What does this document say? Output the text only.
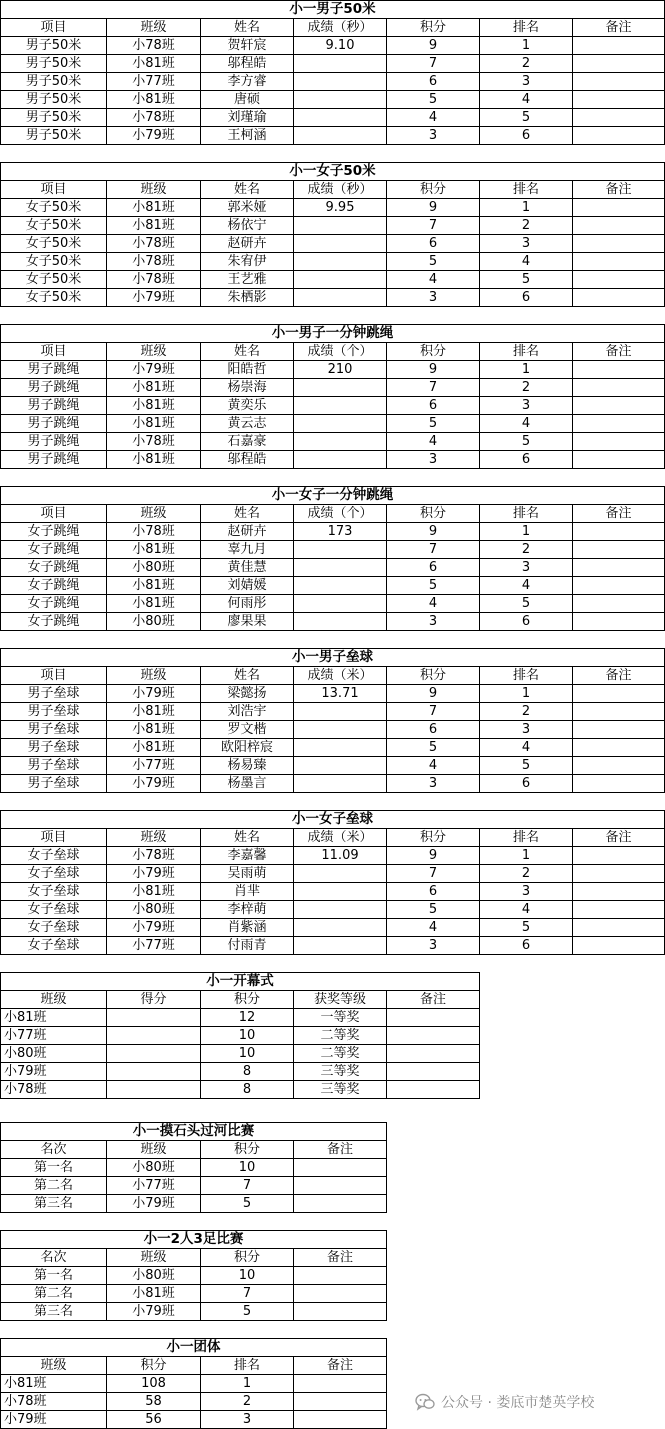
小一男子50米						
项目	班级	姓名	成绩（秒）	积分	排名	备注
男子50米	小78班	贺轩宸	9.10	9	1	
男子50米	小81班	邬程皓		7	2	
男子50米	小77班	李方睿		6	3	
男子50米	小81班	唐硕		5	4	
男子50米	小78班	刘瑾瑜		4	5	
男子50米	小79班	王柯涵		3	6	
小一女子50米						
项目	班级	姓名	成绩（秒）	积分	排名	备注
女子50米	小81班	郭米娅	9.95	9	1	
女子50米	小81班	杨依宁		7	2	
女子50米	小78班	赵研卉		6	3	
女子50米	小78班	朱宥伊		5	4	
女子50米	小78班	王艺雅		4	5	
女子50米	小79班	朱栖影		3	6	
小一男子一分钟跳绳						
项目	班级	姓名	成绩（个）	积分	排名	备注
男子跳绳	小79班	阳皓哲	210	9	1	
男子跳绳	小81班	杨崇海		7	2	
男子跳绳	小81班	黄奕乐		6	3	
男子跳绳	小81班	黄云志		5	4	
男子跳绳	小78班	石嘉豪		4	5	
男子跳绳	小81班	邬程皓		3	6	
小一女子一分钟跳绳						
项目	班级	姓名	成绩（个）	积分	排名	备注
女子跳绳	小78班	赵研卉	173	9	1	
女子跳绳	小81班	辜九月		7	2	
女子跳绳	小80班	黄佳慧		6	3	
女子跳绳	小81班	刘婧媛		5	4	
女子跳绳	小81班	何雨彤		4	5	
女子跳绳	小80班	廖果果		3	6	
小一男子垒球						
项目	班级	姓名	成绩（米）	积分	排名	备注
男子垒球	小79班	梁懿扬	13.71	9	1	
男子垒球	小81班	刘浩宇		7	2	
男子垒球	小81班	罗文楷		6	3	
男子垒球	小81班	欧阳梓宸		5	4	
男子垒球	小77班	杨易臻		4	5	
男子垒球	小79班	杨墨言		3	6	
小一女子垒球						
项目	班级	姓名	成绩（米）	积分	排名	备注
女子垒球	小78班	李嘉馨	11.09	9	1	
女子垒球	小79班	吴雨萌		7	2	
女子垒球	小81班	肖芈		6	3	
女子垒球	小80班	李梓萌		5	4	
女子垒球	小79班	肖紫涵		4	5	
女子垒球	小77班	付雨青		3	6	
小一开幕式				
班级	得分	积分	获奖等级	备注
小81班		12	一等奖	
小77班		10	二等奖	
小80班		10	二等奖	
小79班		8	三等奖	
小78班		8	三等奖	
小一摸石头过河比赛			
名次	班级	积分	备注
第一名	小80班	10	
第二名	小77班	7	
第三名	小79班	5	
小一2人3足比赛			
名次	班级	积分	备注
第一名	小80班	10	
第二名	小81班	7	
第三名	小79班	5	
小一团体			
班级	积分	排名	备注
小81班	108	1	
小78班	58	2	
小79班	56	3	
公众号 · 娄底市楚英学校
